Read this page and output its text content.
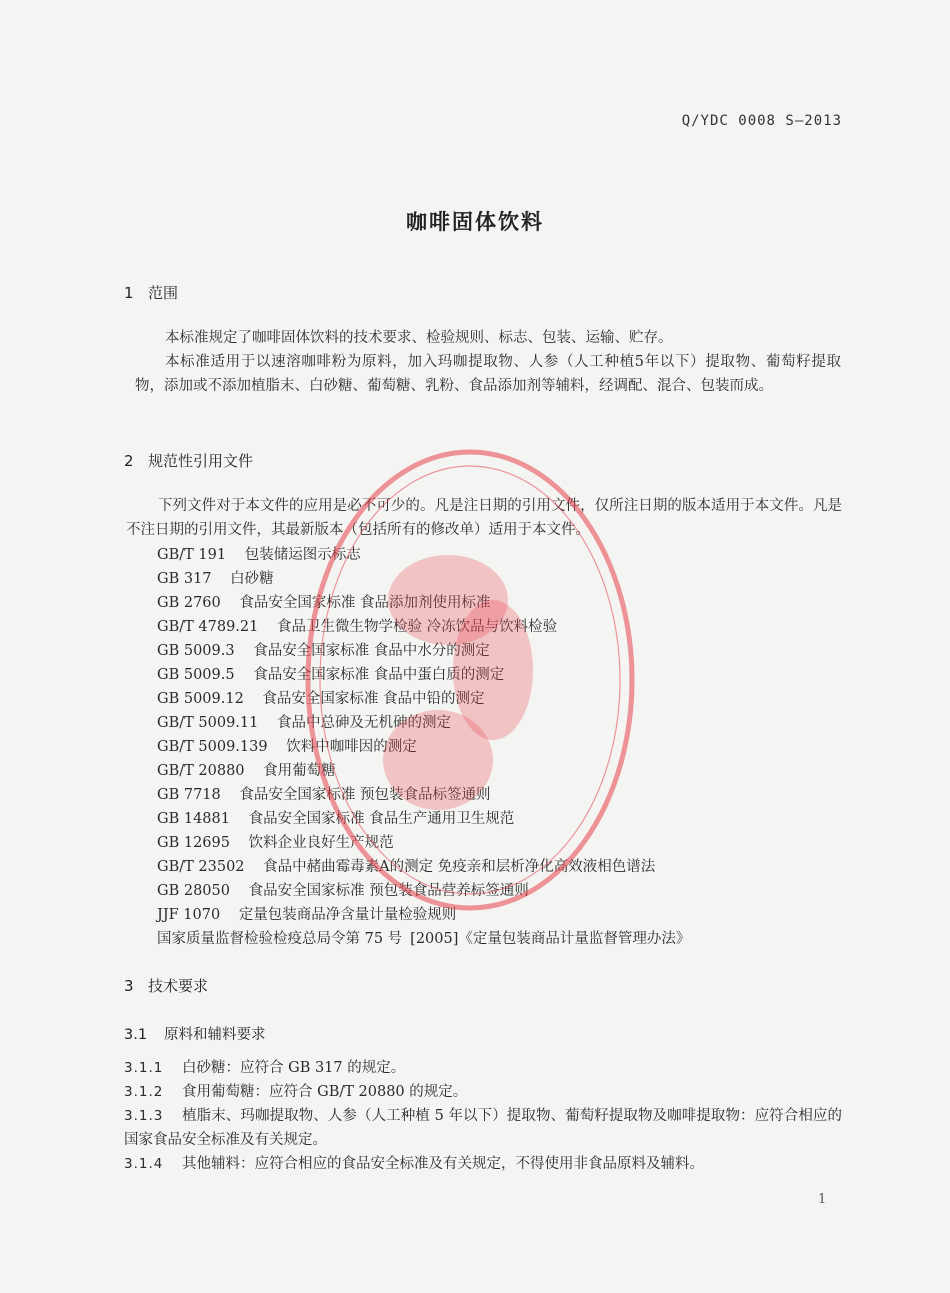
Q/YDC 0008 S—2013
咖啡固体饮料
1 范围

本标准规定了咖啡固体饮料的技术要求、检验规则、标志、包装、运输、贮存。

本标准适用于以速溶咖啡粉为原料，加入玛咖提取物、人参（人工种植5年以下）提取物、葡萄籽提取物，添加或不添加植脂末、白砂糖、葡萄糖、乳粉、食品添加剂等辅料，经调配、混合、包装而成。

2 规范性引用文件

下列文件对于本文件的应用是必不可少的。凡是注日期的引用文件，仅所注日期的版本适用于本文件。凡是不注日期的引用文件，其最新版本（包括所有的修改单）适用于本文件。

GB/T 191 包装储运图示标志
GB 317 白砂糖
GB 2760 食品安全国家标准 食品添加剂使用标准
GB/T 4789.21 食品卫生微生物学检验 冷冻饮品与饮料检验
GB 5009.3 食品安全国家标准 食品中水分的测定
GB 5009.5 食品安全国家标准 食品中蛋白质的测定
GB 5009.12 食品安全国家标准 食品中铅的测定
GB/T 5009.11 食品中总砷及无机砷的测定
GB/T 5009.139 饮料中咖啡因的测定
GB/T 20880 食用葡萄糖
GB 7718 食品安全国家标准 预包装食品标签通则
GB 14881 食品安全国家标准 食品生产通用卫生规范
GB 12695 饮料企业良好生产规范
GB/T 23502 食品中赭曲霉毒素A的测定 免疫亲和层析净化高效液相色谱法
GB 28050 食品安全国家标准 预包装食品营养标签通则
JJF 1070 定量包装商品净含量计量检验规则
国家质量监督检验检疫总局令第 75 号 [2005]《定量包装商品计量监督管理办法》
3 技术要求
3.1 原料和辅料要求
3.1.1 白砂糖：应符合 GB 317 的规定。
3.1.2 食用葡萄糖：应符合 GB/T 20880 的规定。
3.1.3 植脂末、玛咖提取物、人参（人工种植 5 年以下）提取物、葡萄籽提取物及咖啡提取物：应符合相应的国家食品安全标准及有关规定。
3.1.4 其他辅料：应符合相应的食品安全标准及有关规定，不得使用非食品原料及辅料。
1
